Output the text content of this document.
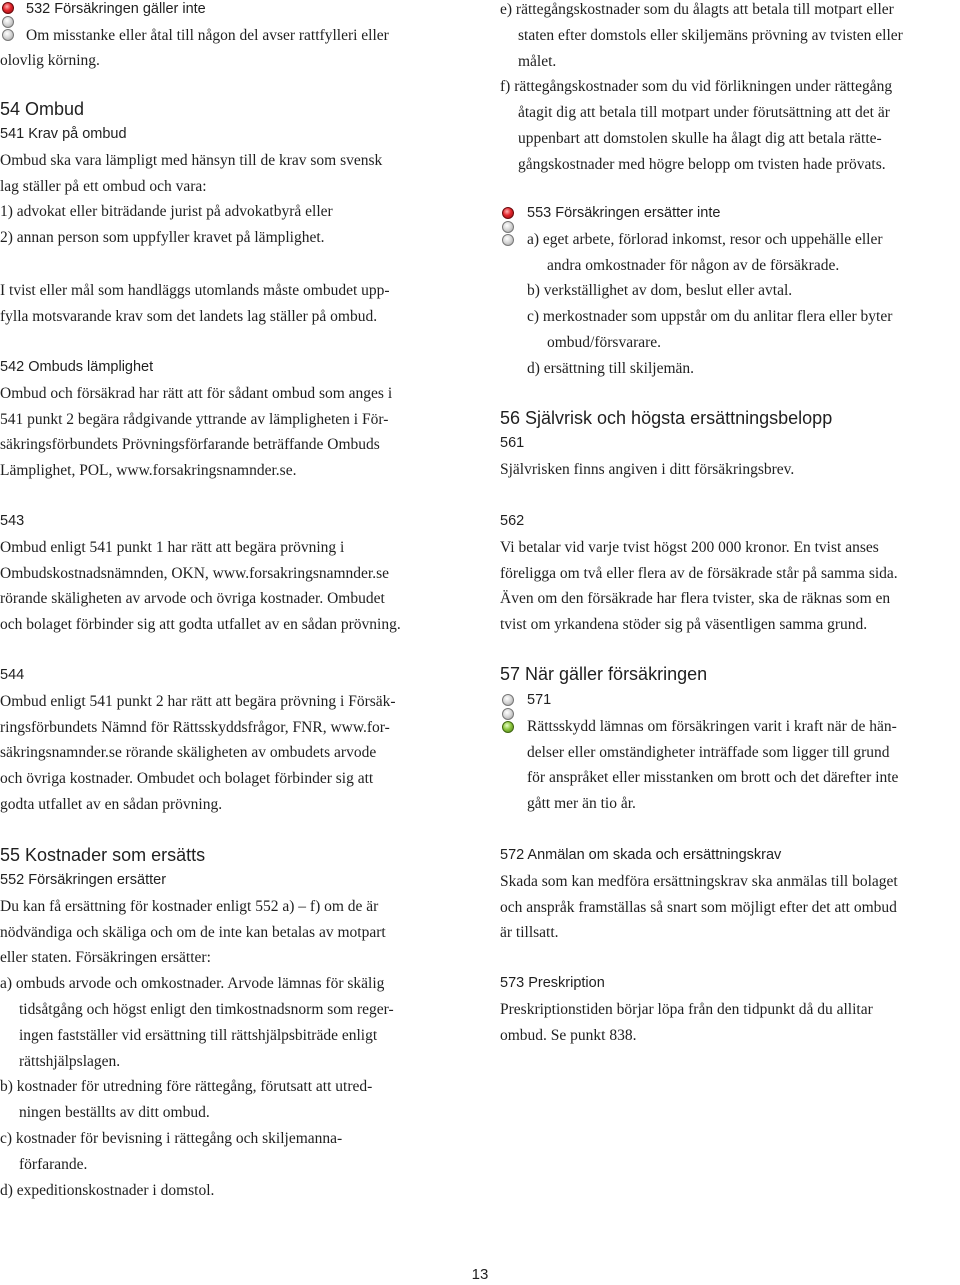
532 Försäkringen gäller inte

Om misstanke eller åtal till någon del avser rattfylleri eller

olovlig körning.

54 Ombud
541 Krav på ombud

Ombud ska vara lämpligt med hänsyn till de krav som svensk

lag ställer på ett ombud och vara:

1) advokat eller biträdande jurist på advokatbyrå eller

2) annan person som uppfyller kravet på lämplighet.

I tvist eller mål som handläggs utomlands måste ombudet upp-

fylla motsvarande krav som det landets lag ställer på ombud.

542 Ombuds lämplighet

Ombud och försäkrad har rätt att för sådant ombud som anges i

541 punkt 2 begära rådgivande yttrande av lämpligheten i För-

säkringsförbundets Prövningsförfarande beträffande Ombuds

Lämplighet, POL, www.forsakringsnamnder.se.

543

Ombud enligt 541 punkt 1 har rätt att begära prövning i

Ombudskostnadsnämnden, OKN, www.forsakringsnamnder.se

rörande skäligheten av arvode och övriga kostnader. Ombudet

och bolaget förbinder sig att godta utfallet av en sådan prövning.

544

Ombud enligt 541 punkt 2 har rätt att begära prövning i Försäk-

ringsförbundets Nämnd för Rättsskyddsfrågor, FNR, www.for-

säkringsnamnder.se rörande skäligheten av ombudets arvode

och övriga kostnader. Ombudet och bolaget förbinder sig att

godta utfallet av en sådan prövning.

55 Kostnader som ersätts
552 Försäkringen ersätter

Du kan få ersättning för kostnader enligt 552 a) – f) om de är

nödvändiga och skäliga och om de inte kan betalas av motpart

eller staten. Försäkringen ersätter:

a) ombuds arvode och omkostnader. Arvode lämnas för skälig

tidsåtgång och högst enligt den timkostnadsnorm som reger-

ingen fastställer vid ersättning till rättshjälpsbiträde enligt

rättshjälpslagen.

b) kostnader för utredning före rättegång, förutsatt att utred-

ningen beställts av ditt ombud.

c) kostnader för bevisning i rättegång och skiljemanna-

förfarande.

d) expeditionskostnader i domstol.

e) rättegångskostnader som du ålagts att betala till motpart eller

staten efter domstols eller skiljemäns prövning av tvisten eller

målet.

f) rättegångskostnader som du vid förlikningen under rättegång

åtagit dig att betala till motpart under förutsättning att det är

uppenbart att domstolen skulle ha ålagt dig att betala rätte-

gångskostnader med högre belopp om tvisten hade prövats.

553 Försäkringen ersätter inte

a) eget arbete, förlorad inkomst, resor och uppehälle eller

andra omkostnader för någon av de försäkrade.

b) verkställighet av dom, beslut eller avtal.

c) merkostnader som uppstår om du anlitar flera eller byter

ombud/försvarare.

d) ersättning till skiljemän.

56 Självrisk och högsta ersättningsbelopp
561

Självrisken finns angiven i ditt försäkringsbrev.

562

Vi betalar vid varje tvist högst 200 000 kronor. En tvist anses

föreligga om två eller flera av de försäkrade står på samma sida.

Även om den försäkrade har flera tvister, ska de räknas som en

tvist om yrkandena stöder sig på väsentligen samma grund.

57 När gäller försäkringen
571

Rättsskydd lämnas om försäkringen varit i kraft när de hän-

delser eller omständigheter inträffade som ligger till grund

för anspråket eller misstanken om brott och det därefter inte

gått mer än tio år.

572 Anmälan om skada och ersättningskrav

Skada som kan medföra ersättningskrav ska anmälas till bolaget

och anspråk framställas så snart som möjligt efter det att ombud

är tillsatt.

573 Preskription

Preskriptionstiden börjar löpa från den tidpunkt då du allitar

ombud. Se punkt 838.

13
